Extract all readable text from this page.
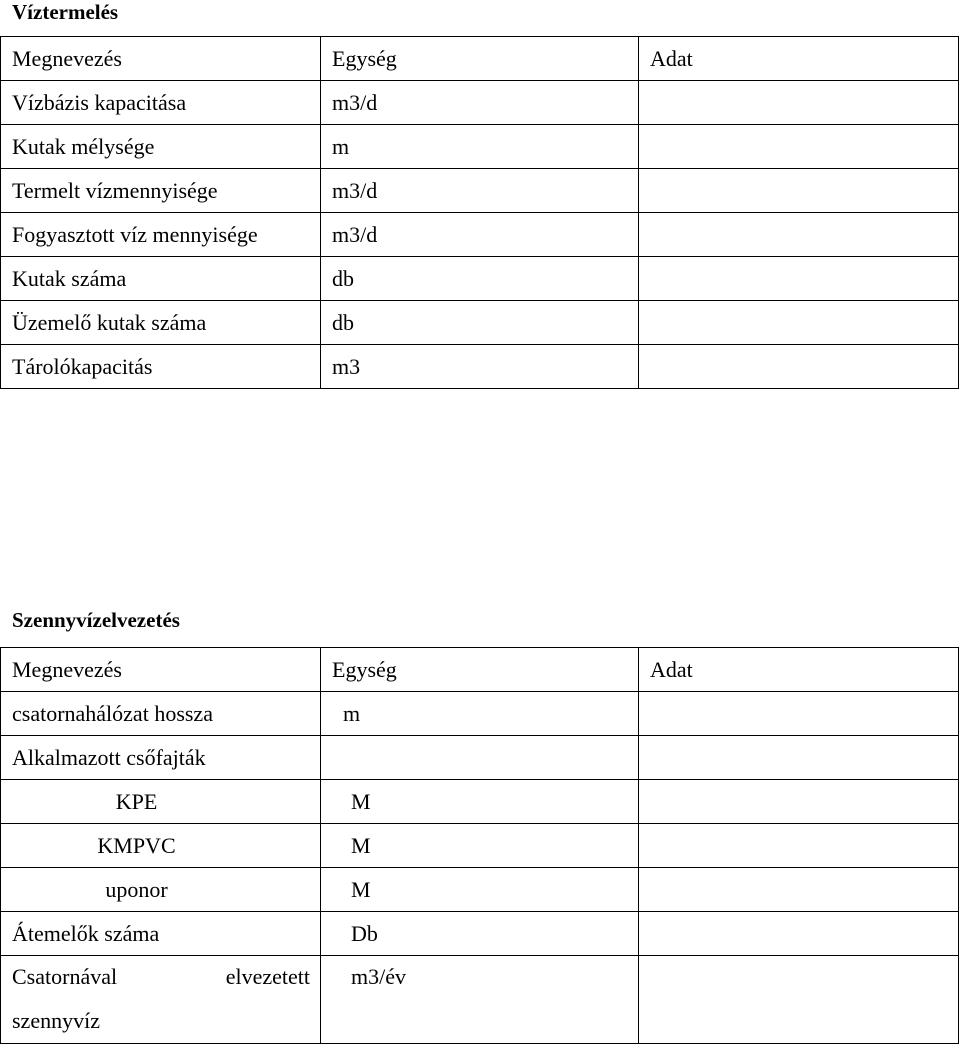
Víztermelés
Megnevezés	Egység	Adat
Vízbázis kapacitása	m3/d	
Kutak mélysége	m	
Termelt vízmennyisége	m3/d	
Fogyasztott víz mennyisége	m3/d	
Kutak száma	db	
Üzemelő kutak száma	db	
Tárolókapacitás	m3	
Szennyvízelvezetés
Megnevezés	Egység	Adat
csatornahálózat hossza	m	
Alkalmazott csőfajták		
KPE	M	
KMPVC	M	
uponor	M	
Átemelők száma	Db	

Csatornával elvezetett
szennyvíz	m3/év	
